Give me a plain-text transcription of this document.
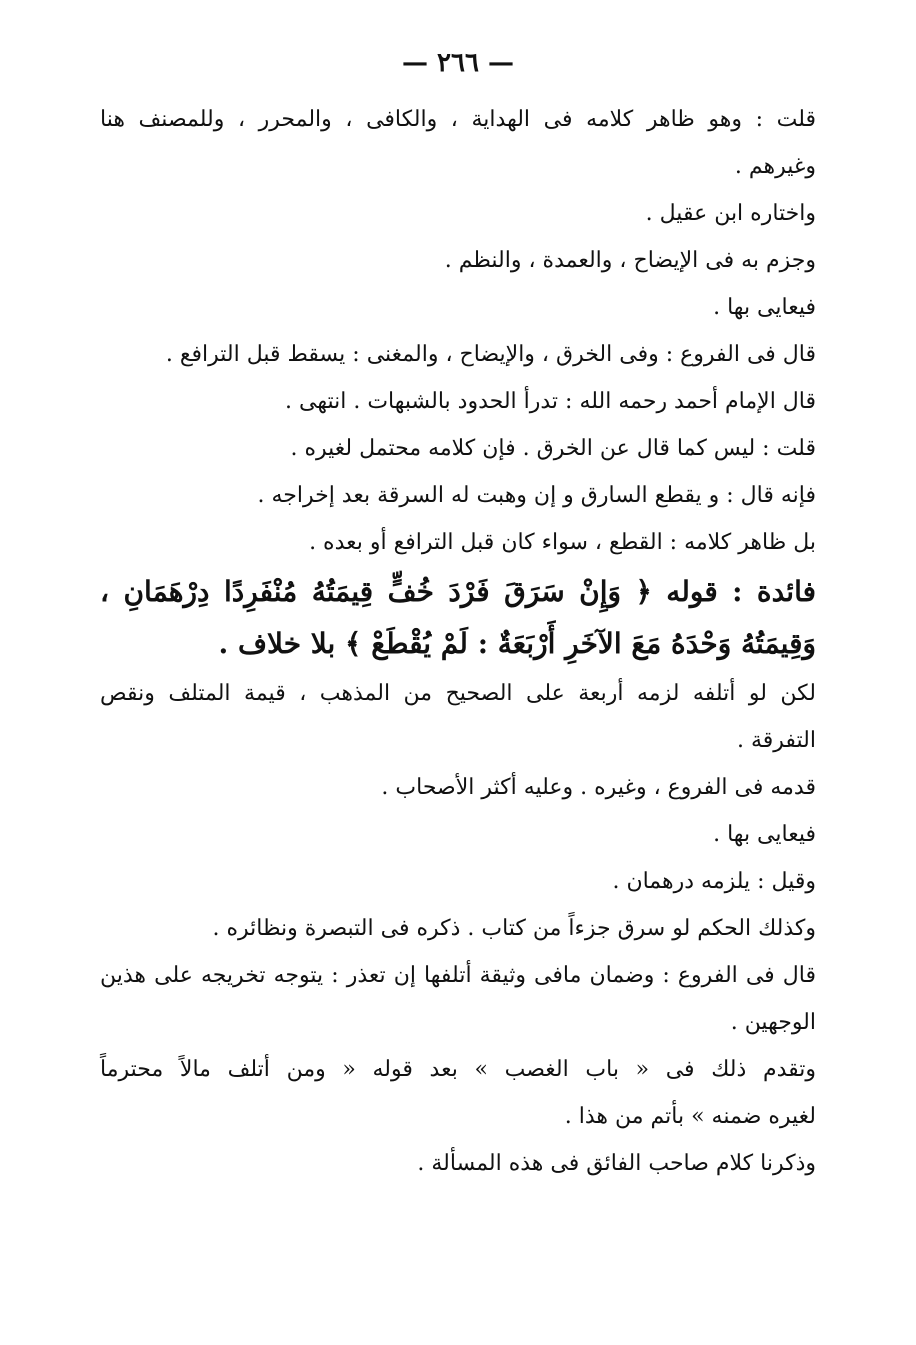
— ٢٦٦ —
قلت : وهو ظاهر كلامه فى الهداية ، والكافى ، والمحرر ، وللمصنف هنا
وغيرهم .
واختاره ابن عقيل .
وجزم به فى الإيضاح ، والعمدة ، والنظم .
فيعايى بها .
قال فى الفروع : وفى الخرق ، والإيضاح ، والمغنى : يسقط قبل الترافع .
قال الإمام أحمد رحمه الله : تدرأ الحدود بالشبهات . انتهى .
قلت : ليس كما قال عن الخرق . فإن كلامه محتمل لغيره .
فإنه قال : و يقطع السارق و إن وهبت له السرقة بعد إخراجه .
بل ظاهر كلامه : القطع ، سواء كان قبل الترافع أو بعده .
فائدة : قوله ﴿ وَإِنْ سَرَقَ فَرْدَ خُفٍّ قِيمَتُهُ مُنْفَرِدًا دِرْهَمَانِ ،
وَقِيمَتُهُ وَحْدَهُ مَعَ الآخَرِ أَرْبَعَةٌ : لَمْ يُقْطَعْ ﴾ بلا خلاف .
لكن لو أتلفه لزمه أربعة على الصحيح من المذهب ، قيمة المتلف ونقص
التفرقة .
قدمه فى الفروع ، وغيره . وعليه أكثر الأصحاب .
فيعايى بها .
وقيل : يلزمه درهمان .
وكذلك الحكم لو سرق جزءاً من كتاب . ذكره فى التبصرة ونظائره .
قال فى الفروع : وضمان مافى وثيقة أتلفها إن تعذر : يتوجه تخريجه على هذين
الوجهين .
وتقدم ذلك فى « باب الغصب » بعد قوله « ومن أتلف مالاً محترماً
لغيره ضمنه » بأتم من هذا .
وذكرنا كلام صاحب الفائق فى هذه المسألة .
